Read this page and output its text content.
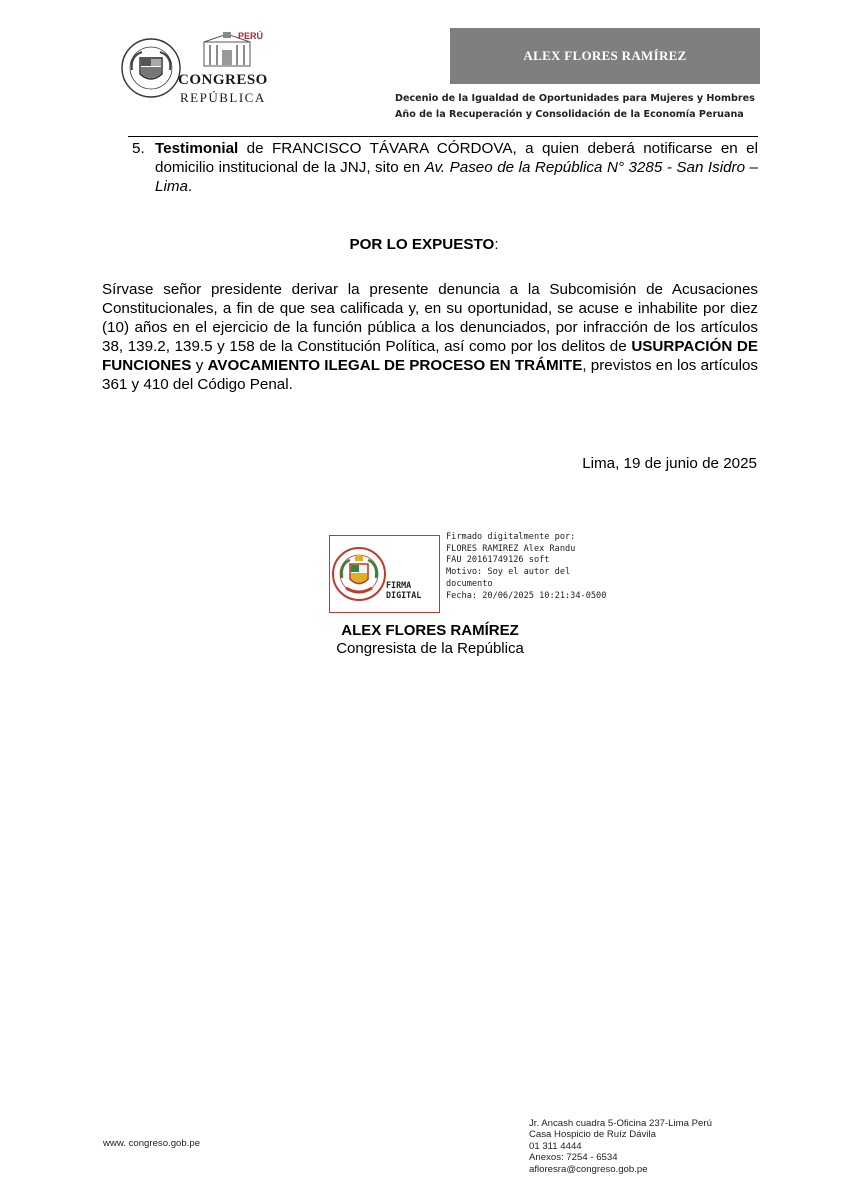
PERÚ
CONGRESO
REPÚBLICA
ALEX FLORES RAMÍREZ
Decenio de la Igualdad de Oportunidades para Mujeres y Hombres
Año de la Recuperación y Consolidación de la Economía Peruana
5. Testimonial de FRANCISCO TÁVARA CÓRDOVA, a quien deberá notificarse en el domicilio institucional de la JNJ, sito en Av. Paseo de la República N° 3285 - San Isidro – Lima.
POR LO EXPUESTO:
Sírvase señor presidente derivar la presente denuncia a la Subcomisión de Acusaciones Constitucionales, a fin de que sea calificada y, en su oportunidad, se acuse e inhabilite por diez (10) años en el ejercicio de la función pública a los denunciados, por infracción de los artículos 38, 139.2, 139.5 y 158 de la Constitución Política, así como por los delitos de USURPACIÓN DE FUNCIONES y AVOCAMIENTO ILEGAL DE PROCESO EN TRÁMITE, previstos en los artículos 361 y 410 del Código Penal.
Lima, 19 de junio de 2025
FIRMA
DIGITAL
Firmado digitalmente por:
FLORES RAMIREZ Alex Randu
FAU 20161749126 soft
Motivo: Soy el autor del
documento
Fecha: 20/06/2025 10:21:34-0500
ALEX FLORES RAMÍREZ
Congresista de la República
www. congreso.gob.pe
Jr. Ancash cuadra 5-Oficina 237-Lima Perú
Casa Hospicio de Ruíz Dávila
01 311 4444
Anexos: 7254 - 6534
afloresra@congreso.gob.pe
